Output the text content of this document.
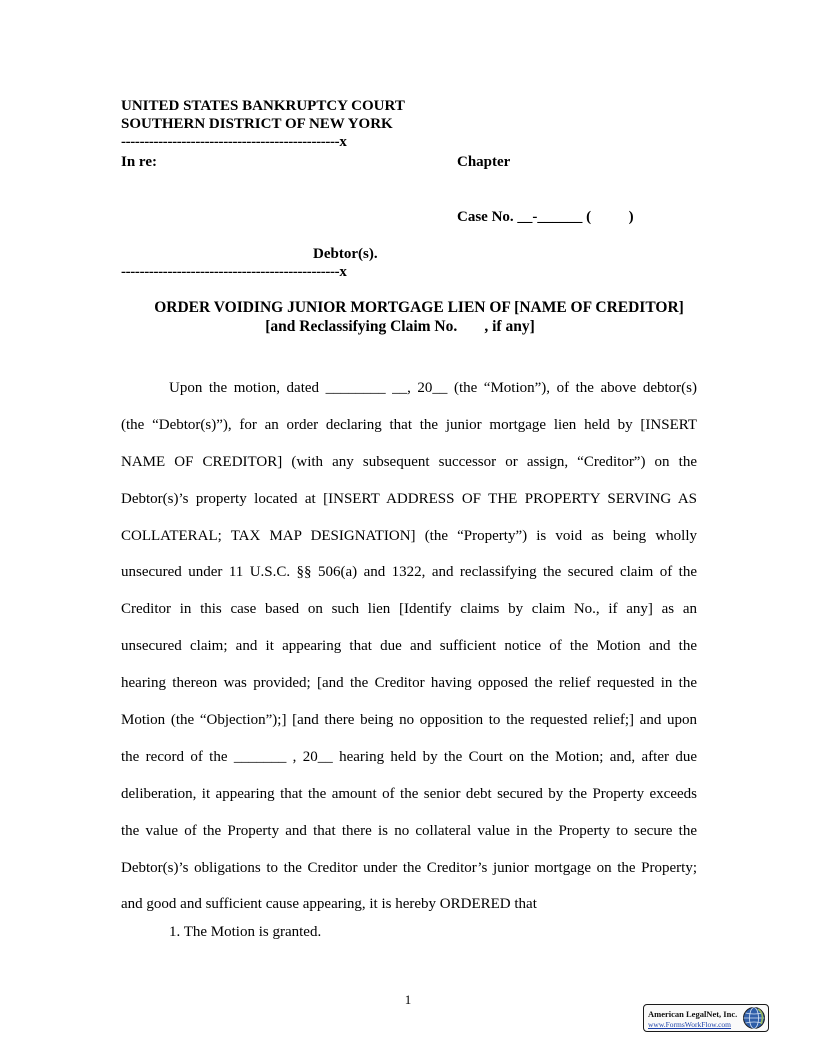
UNITED STATES BANKRUPTCY COURT
SOUTHERN DISTRICT OF NEW YORK
-----------------------------------------------x
In re:	Chapter
Case No. __-______ (          )
Debtor(s).
-----------------------------------------------x
ORDER VOIDING JUNIOR MORTGAGE LIEN OF [NAME OF CREDITOR]
[and Reclassifying Claim No.       , if any]
Upon the motion, dated ________ __, 20__ (the “Motion”), of the above debtor(s)
(the “Debtor(s)”), for an order declaring that the junior mortgage lien held by [INSERT
NAME OF CREDITOR] (with any subsequent successor or assign, “Creditor”) on the
Debtor(s)’s property located at [INSERT ADDRESS OF THE PROPERTY SERVING AS
COLLATERAL; TAX MAP DESIGNATION] (the “Property”) is void as being wholly
unsecured under 11 U.S.C. §§ 506(a) and 1322, and reclassifying the secured claim of the
Creditor in this case based on such lien [Identify claims by claim No., if any] as an
unsecured claim; and it appearing that due and sufficient notice of the Motion and the
hearing thereon was provided; [and the Creditor having opposed the relief requested in the
Motion (the “Objection”);] [and there being no opposition to the requested relief;] and upon
the record of the _______ , 20__ hearing held by the Court on the Motion; and, after due
deliberation, it appearing that the amount of the senior debt secured by the Property exceeds
the value of the Property and that there is no collateral value in the Property to secure the
Debtor(s)’s obligations to the Creditor under the Creditor’s junior mortgage on the Property;
and good and sufficient cause appearing, it is hereby ORDERED that
1. The Motion is granted.
1
American LegalNet, Inc.
www.FormsWorkFlow.com
